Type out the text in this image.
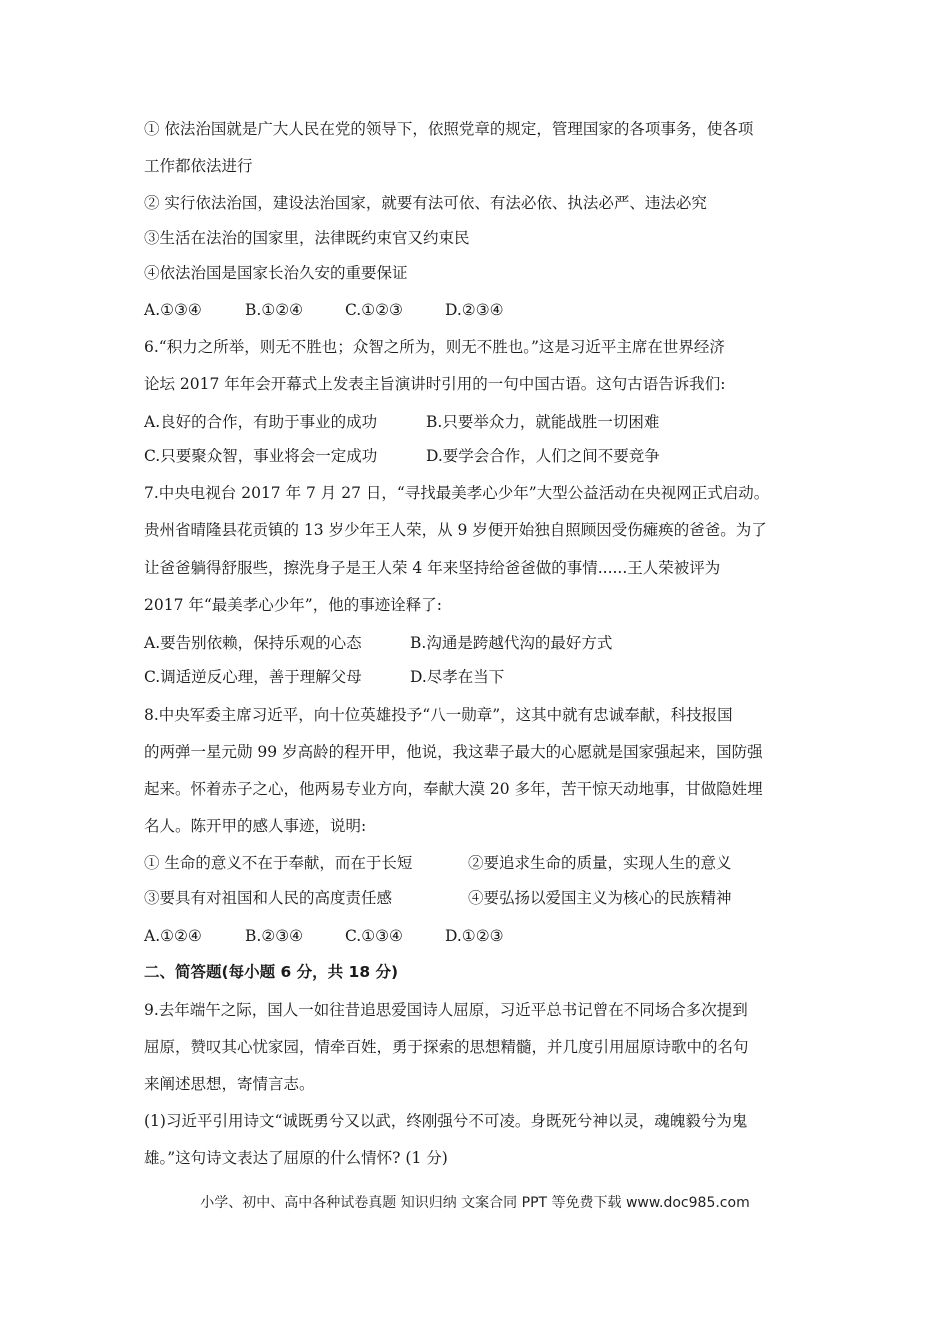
① 依法治国就是广大人民在党的领导下，依照党章的规定，管理国家的各项事务，使各项
工作都依法进行
② 实行依法治国，建设法治国家，就要有法可依、有法必依、执法必严、违法必究
③生活在法治的国家里，法律既约束官又约束民
④依法治国是国家长治久安的重要保证
A.①③④	B.①②④	C.①②③	D.②③④
6.“积力之所举，则无不胜也；众智之所为，则无不胜也。”这是习近平主席在世界经济
论坛 2017 年年会开幕式上发表主旨演讲时引用的一句中国古语。这句古语告诉我们:
A.良好的合作，有助于事业的成功	B.只要举众力，就能战胜一切困难
C.只要聚众智，事业将会一定成功	D.要学会合作，人们之间不要竞争
7.中央电视台 2017 年 7 月 27 日，“寻找最美孝心少年”大型公益活动在央视网正式启动。
贵州省晴隆县花贡镇的 13 岁少年王人荣，从 9 岁便开始独自照顾因受伤瘫痪的爸爸。为了
让爸爸躺得舒服些，擦洗身子是王人荣 4 年来坚持给爸爸做的事情......王人荣被评为
2017 年“最美孝心少年”，他的事迹诠释了:
A.要告别依赖，保持乐观的心态	B.沟通是跨越代沟的最好方式
C.调适逆反心理，善于理解父母	D.尽孝在当下
8.中央军委主席习近平，向十位英雄投予“八一勋章”，这其中就有忠诚奉献，科技报国
的两弹一星元勋 99 岁高龄的程开甲，他说，我这辈子最大的心愿就是国家强起来，国防强
起来。怀着赤子之心，他两易专业方向，奉献大漠 20 多年，苦干惊天动地事，甘做隐姓埋
名人。陈开甲的感人事迹，说明:
① 生命的意义不在于奉献，而在于长短	②要追求生命的质量，实现人生的意义
③要具有对祖国和人民的高度责任感	④要弘扬以爱国主义为核心的民族精神
A.①②④	B.②③④	C.①③④	D.①②③
二、简答题(每小题 6 分，共 18 分)
9.去年端午之际，国人一如往昔追思爱国诗人屈原，习近平总书记曾在不同场合多次提到
屈原，赞叹其心忧家园，情牵百姓，勇于探索的思想精髓，并几度引用屈原诗歌中的名句
来阐述思想，寄情言志。
(1)习近平引用诗文“诚既勇兮又以武，终刚强兮不可凌。身既死兮神以灵，魂魄毅兮为鬼
雄。”这句诗文表达了屈原的什么情怀? (1 分)
小学、初中、高中各种试卷真题 知识归纳 文案合同 PPT 等免费下载 www.doc985.com
